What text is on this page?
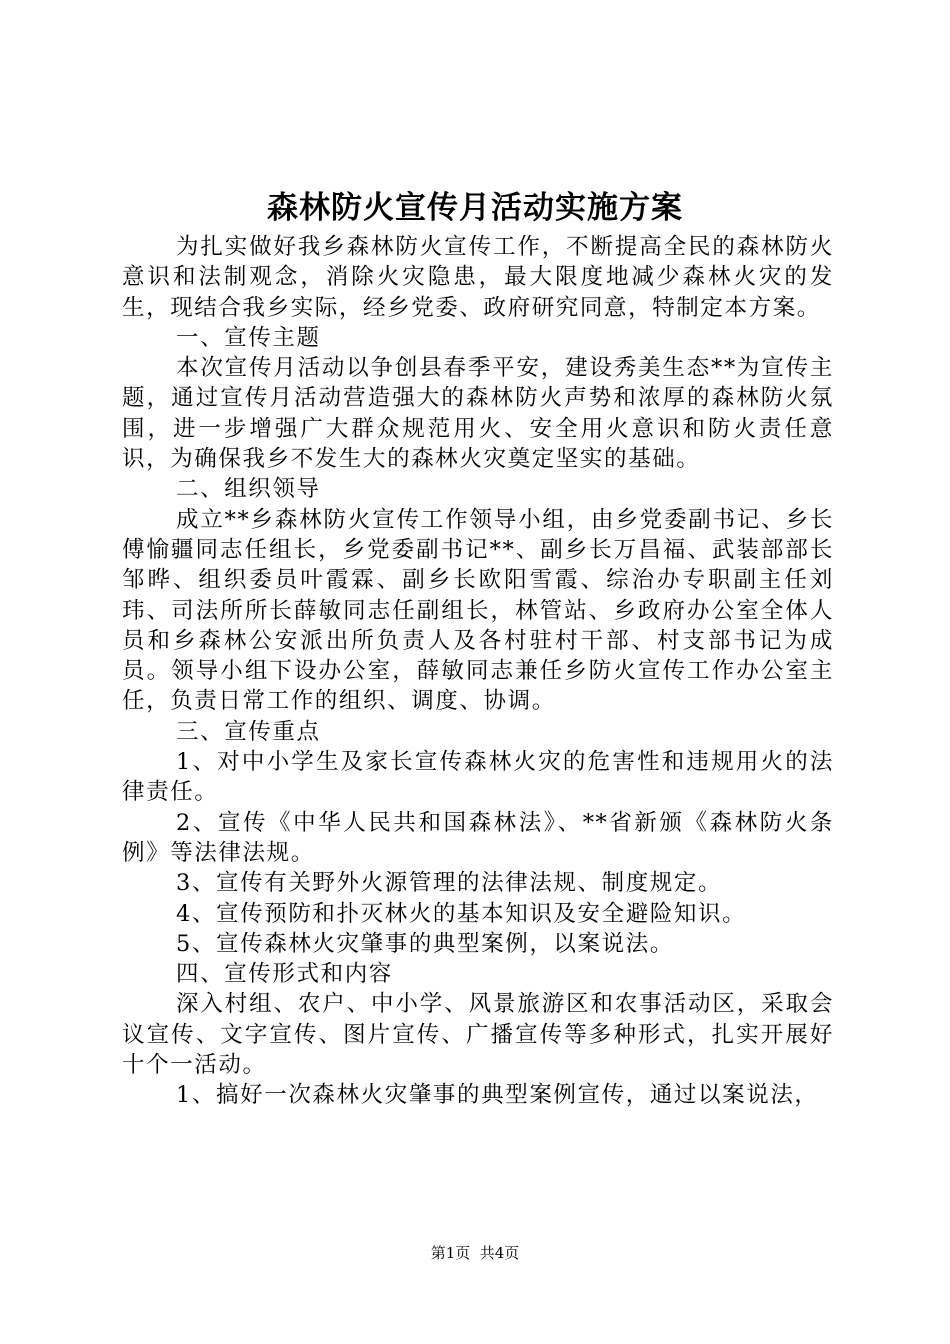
森林防火宣传月活动实施方案

为扎实做好我乡森林防火宣传工作，不断提高全民的森林防火意识和法制观念，消除火灾隐患，最大限度地减少森林火灾的发生，现结合我乡实际，经乡党委、政府研究同意，特制定本方案。

一、宣传主题

本次宣传月活动以争创县春季平安，建设秀美生态**为宣传主题，通过宣传月活动营造强大的森林防火声势和浓厚的森林防火氛围，进一步增强广大群众规范用火、安全用火意识和防火责任意识，为确保我乡不发生大的森林火灾奠定坚实的基础。

二、组织领导

成立**乡森林防火宣传工作领导小组，由乡党委副书记、乡长傅愉疆同志任组长，乡党委副书记**、副乡长万昌福、武装部部长邹晔、组织委员叶霞霖、副乡长欧阳雪霞、综治办专职副主任刘玮、司法所所长薛敏同志任副组长，林管站、乡政府办公室全体人员和乡森林公安派出所负责人及各村驻村干部、村支部书记为成员。领导小组下设办公室，薛敏同志兼任乡防火宣传工作办公室主任，负责日常工作的组织、调度、协调。

三、宣传重点

1、对中小学生及家长宣传森林火灾的危害性和违规用火的法律责任。

2、宣传《中华人民共和国森林法》、**省新颁《森林防火条例》等法律法规。

3、宣传有关野外火源管理的法律法规、制度规定。

4、宣传预防和扑灭林火的基本知识及安全避险知识。

5、宣传森林火灾肇事的典型案例，以案说法。

四、宣传形式和内容

深入村组、农户、中小学、风景旅游区和农事活动区，采取会议宣传、文字宣传、图片宣传、广播宣传等多种形式，扎实开展好十个一活动。

1、搞好一次森林火灾肇事的典型案例宣传，通过以案说法，

第1页  共4页
